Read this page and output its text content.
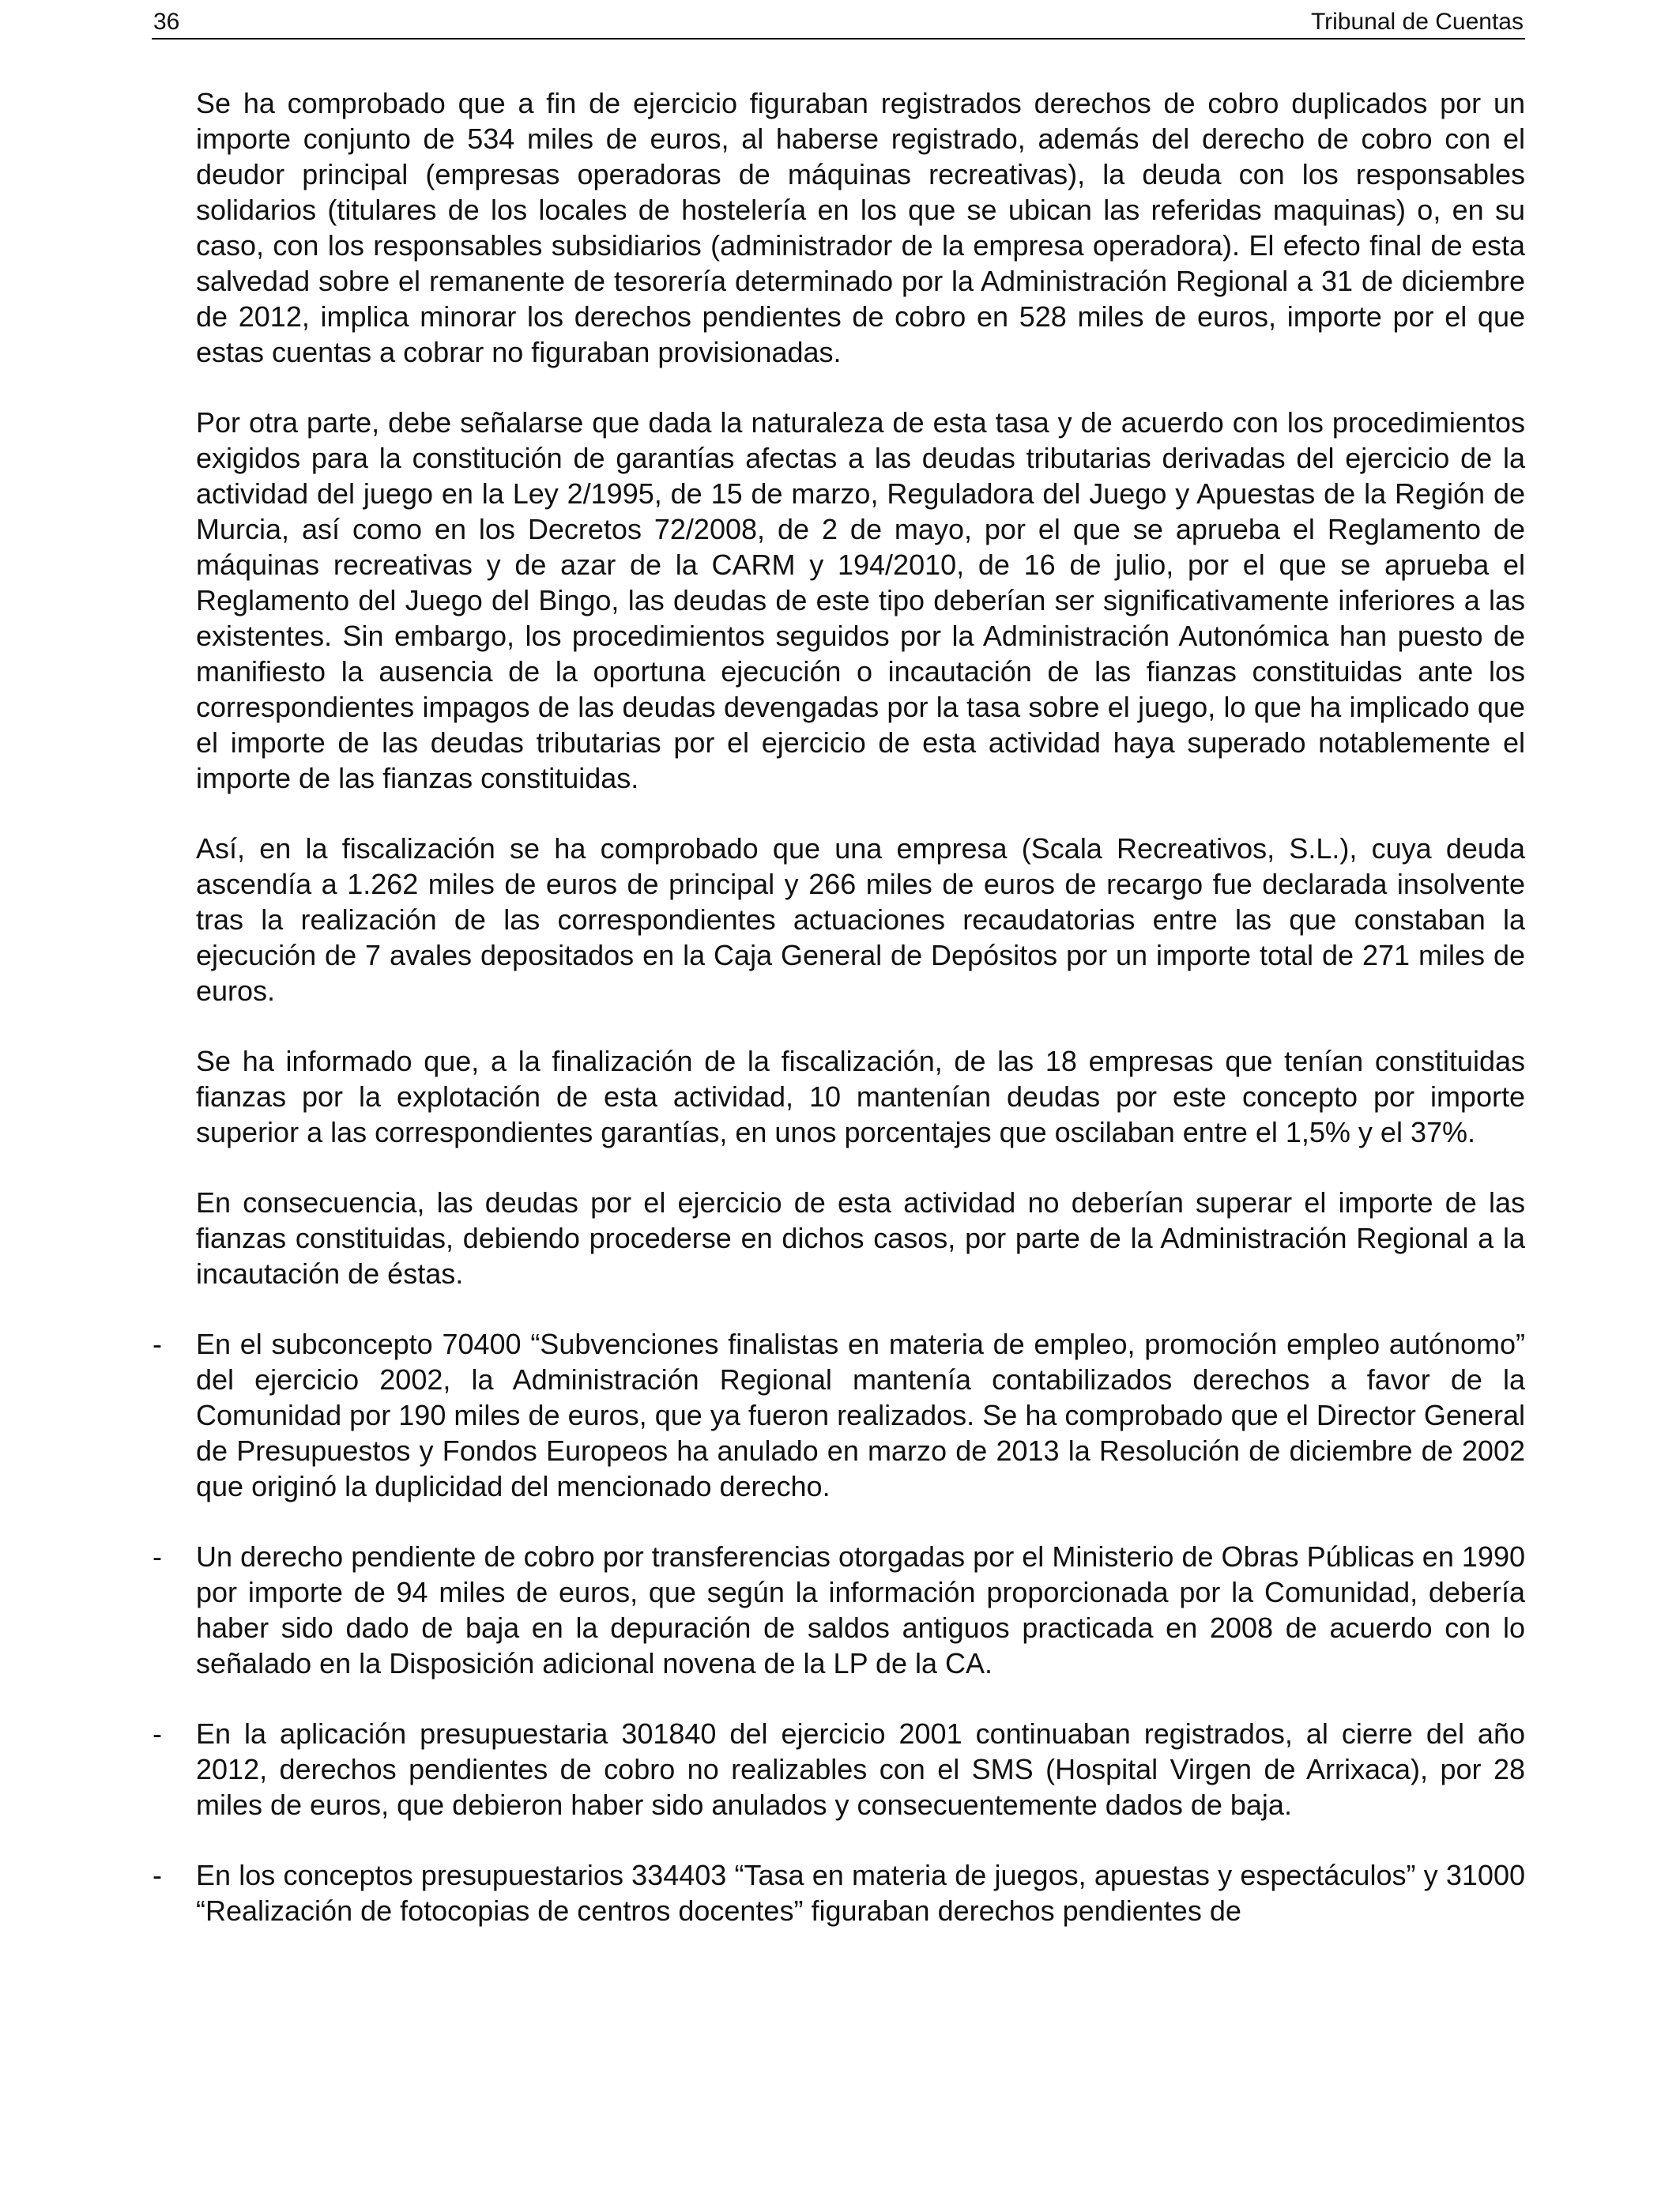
36	Tribunal de Cuentas

Se ha comprobado que a fin de ejercicio figuraban registrados derechos de cobro duplicados por un importe conjunto de 534 miles de euros, al haberse registrado, además del derecho de cobro con el deudor principal (empresas operadoras de máquinas recreativas), la deuda con los responsables solidarios (titulares de los locales de hostelería en los que se ubican las referidas maquinas) o, en su caso, con los responsables subsidiarios (administrador de la empresa operadora). El efecto final de esta salvedad sobre el remanente de tesorería determinado por la Administración Regional a 31 de diciembre de 2012, implica minorar los derechos pendientes de cobro en 528 miles de euros, importe por el que estas cuentas a cobrar no figuraban provisionadas.

Por otra parte, debe señalarse que dada la naturaleza de esta tasa y de acuerdo con los procedimientos exigidos para la constitución de garantías afectas a las deudas tributarias derivadas del ejercicio de la actividad del juego en la Ley 2/1995, de 15 de marzo, Reguladora del Juego y Apuestas de la Región de Murcia, así como en los Decretos 72/2008, de 2 de mayo, por el que se aprueba el Reglamento de máquinas recreativas y de azar de la CARM y 194/2010, de 16 de julio, por el que se aprueba el Reglamento del Juego del Bingo, las deudas de este tipo deberían ser significativamente inferiores a las existentes. Sin embargo, los procedimientos seguidos por la Administración Autonómica han puesto de manifiesto la ausencia de la oportuna ejecución o incautación de las fianzas constituidas ante los correspondientes impagos de las deudas devengadas por la tasa sobre el juego, lo que ha implicado que el importe de las deudas tributarias por el ejercicio de esta actividad haya superado notablemente el importe de las fianzas constituidas.

Así, en la fiscalización se ha comprobado que una empresa (Scala Recreativos, S.L.), cuya deuda ascendía a 1.262 miles de euros de principal y 266 miles de euros de recargo fue declarada insolvente tras la realización de las correspondientes actuaciones recaudatorias entre las que constaban la ejecución de 7 avales depositados en la Caja General de Depósitos por un importe total de 271 miles de euros.

Se ha informado que, a la finalización de la fiscalización, de las 18 empresas que tenían constituidas fianzas por la explotación de esta actividad, 10 mantenían deudas por este concepto por importe superior a las correspondientes garantías, en unos porcentajes que oscilaban entre el 1,5% y el 37%.

En consecuencia, las deudas por el ejercicio de esta actividad no deberían superar el importe de las fianzas constituidas, debiendo procederse en dichos casos, por parte de la Administración Regional a la incautación de éstas.

- En el subconcepto 70400 “Subvenciones finalistas en materia de empleo, promoción empleo autónomo” del ejercicio 2002, la Administración Regional mantenía contabilizados derechos a favor de la Comunidad por 190 miles de euros, que ya fueron realizados. Se ha comprobado que el Director General de Presupuestos y Fondos Europeos ha anulado en marzo de 2013 la Resolución de diciembre de 2002 que originó la duplicidad del mencionado derecho.
- Un derecho pendiente de cobro por transferencias otorgadas por el Ministerio de Obras Públicas en 1990 por importe de 94 miles de euros, que según la información proporcionada por la Comunidad, debería haber sido dado de baja en la depuración de saldos antiguos practicada en 2008 de acuerdo con lo señalado en la Disposición adicional novena de la LP de la CA.
- En la aplicación presupuestaria 301840 del ejercicio 2001 continuaban registrados, al cierre del año 2012, derechos pendientes de cobro no realizables con el SMS (Hospital Virgen de Arrixaca), por 28 miles de euros, que debieron haber sido anulados y consecuentemente dados de baja.
- En los conceptos presupuestarios 334403 “Tasa en materia de juegos, apuestas y espectáculos” y 31000 “Realización de fotocopias de centros docentes” figuraban derechos pendientes de
